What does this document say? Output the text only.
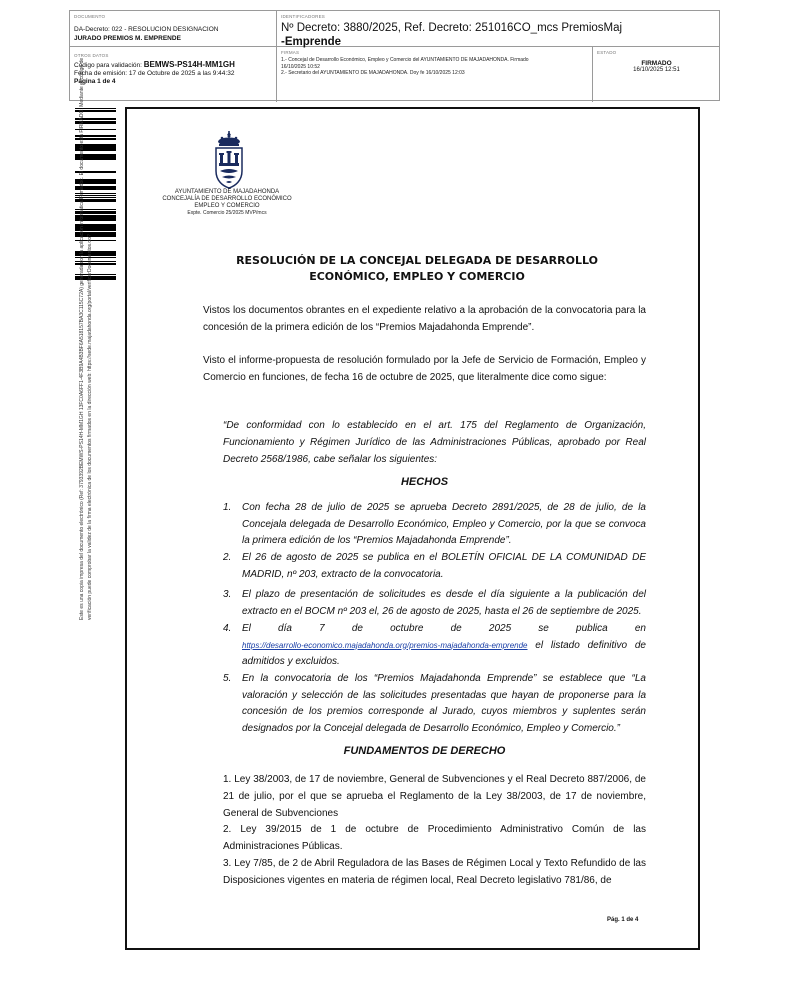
DOCUMENTO
DA-Decreto: 022 - RESOLUCION DESIGNACION
JURADO PREMIOS M. EMPRENDE
IDENTIFICADORES
Nº Decreto: 3880/2025, Ref. Decreto: 251016CO_mcs PremiosMaj
-Emprende
OTROS DATOS
Código para validación: BEMWS-PS14H-MM1GH
Fecha de emisión: 17 de Octubre de 2025 a las 9:44:32
Página 1 de 4
FIRMAS
1.- Concejal de Desarrollo Económico, Empleo y Comercio del AYUNTAMIENTO DE MAJADAHONDA. Firmado
16/10/2025 10:52
2.- Secretario del AYUNTAMIENTO DE MAJADAHONDA. Doy fe 16/10/2025 12:03
ESTADO
FIRMADO
16/10/2025 12:51
Este es una copia impresa del documento electrónico (Ref: 3793392BEMWS-PS14H-MM1GH 13FC0A6FF1-4F3B9A4B3BF6A518157BA3C115C72A) generada con la aplicación informática Firmadoc. El documento está FIRMADO. Mediante el código de verificación puede comprobar la validez de la firma electrónica de los documentos firmados en la dirección web: https://sede.majadahonda.org/portal/verificarDocumentos.do?
AYUNTAMIENTO DE MAJADAHONDA
CONCEJALÍA DE DESARROLLO ECONÓMICO
EMPLEO Y COMERCIO
Expte. Comercio 25/2025 MVP/mcs
RESOLUCIÓN DE LA CONCEJAL DELEGADA DE DESARROLLO
ECONÓMICO, EMPLEO Y COMERCIO
Vistos los documentos obrantes en el expediente relativo a la aprobación de la convocatoria para la concesión de la primera edición de los “Premios Majadahonda Emprende”.
Visto el informe-propuesta de resolución formulado por la Jefe de Servicio de Formación, Empleo y Comercio en funciones, de fecha 16 de octubre de 2025, que literalmente dice como sigue:
“De conformidad con lo establecido en el art. 175 del Reglamento de Organización, Funcionamiento y Régimen Jurídico de las Administraciones Públicas, aprobado por Real Decreto 2568/1986, cabe señalar los siguientes:
HECHOS
1.	Con fecha 28 de julio de 2025 se aprueba Decreto 2891/2025, de 28 de julio, de la Concejala delegada de Desarrollo Económico, Empleo y Comercio, por la que se convoca la primera edición de los “Premios Majadahonda Emprende”.
2.	El 26 de agosto de 2025 se publica en el BOLETÍN OFICIAL DE LA COMUNIDAD DE MADRID, nº 203, extracto de la convocatoria.
3.	El plazo de presentación de solicitudes es desde el día siguiente a la publicación del extracto en el BOCM nº 203 el, 26 de agosto de 2025, hasta el 26 de septiembre de 2025.
4.	El día 7 de octubre de 2025 se publica en https://desarrollo-economico.majadahonda.org/premios-majadahonda-emprende el listado definitivo de admitidos y excluidos.
5.	En la convocatoria de los “Premios Majadahonda Emprende” se establece que “La valoración y selección de las solicitudes presentadas que hayan de proponerse para la concesión de los premios corresponde al Jurado, cuyos miembros y suplentes serán designados por la Concejal delegada de Desarrollo Económico, Empleo y Comercio.”
FUNDAMENTOS DE DERECHO
1. Ley 38/2003, de 17 de noviembre, General de Subvenciones y el Real Decreto 887/2006, de 21 de julio, por el que se aprueba el Reglamento de la Ley 38/2003, de 17 de noviembre, General de Subvenciones
2. Ley 39/2015 de 1 de octubre de Procedimiento Administrativo Común de las Administraciones Públicas.
3. Ley 7/85, de 2 de Abril Reguladora de las Bases de Régimen Local y Texto Refundido de las Disposiciones vigentes en materia de régimen local, Real Decreto legislativo 781/86, de
Pág. 1 de 4
